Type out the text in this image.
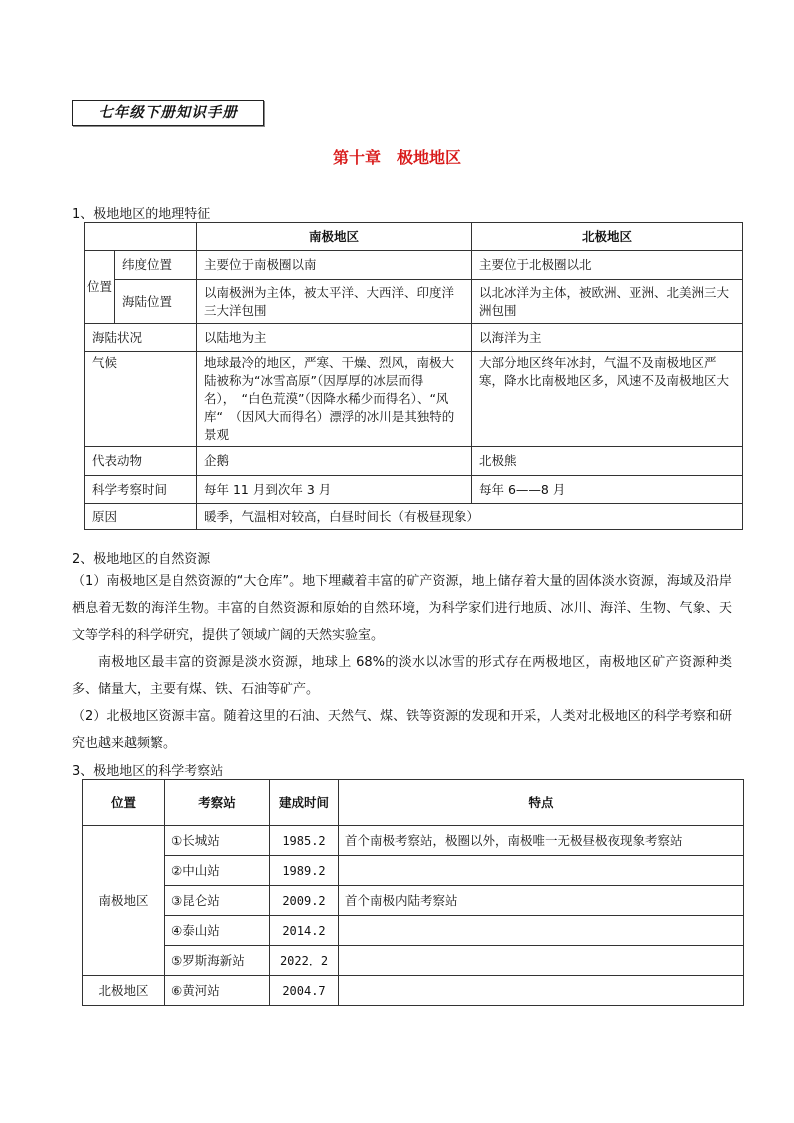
七年级下册知识手册
第十章　极地地区
1、极地地区的地理特征
		南极地区	北极地区
位置	纬度位置	主要位于南极圈以南	主要位于北极圈以北
	海陆位置	以南极洲为主体，被太平洋、大西洋、印度洋三大洋包围	以北冰洋为主体，被欧洲、亚洲、北美洲三大洲包围
海陆状况		以陆地为主	以海洋为主
气候		地球最冷的地区，严寒、干燥、烈风，南极大陆被称为“冰雪高原”（因厚厚的冰层而得名），　“白色荒漠”（因降水稀少而得名）、“风库“　（因风大而得名）漂浮的冰川是其独特的景观	大部分地区终年冰封，气温不及南极地区严寒，降水比南极地区多，风速不及南极地区大
代表动物		企鹅	北极熊
科学考察时间		每年 11 月到次年 3 月	每年 6——8 月
原因		暖季，气温相对较高，白昼时间长（有极昼现象）	
2、极地地区的自然资源
（1）南极地区是自然资源的“大仓库”。地下埋藏着丰富的矿产资源，地上储存着大量的固体淡水资源，海域及沿岸栖息着无数的海洋生物。丰富的自然资源和原始的自然环境，为科学家们进行地质、冰川、海洋、生物、气象、天文等学科的科学研究，提供了领域广阔的天然实验室。
南极地区最丰富的资源是淡水资源，地球上 68%的淡水以冰雪的形式存在两极地区，南极地区矿产资源种类多、储量大，主要有煤、铁、石油等矿产。
（2）北极地区资源丰富。随着这里的石油、天然气、煤、铁等资源的发现和开采，人类对北极地区的科学考察和研究也越来越频繁。
3、极地地区的科学考察站
位置	考察站	建成时间	特点
南极地区	①长城站	1985.2	首个南极考察站，极圈以外，南极唯一无极昼极夜现象考察站
	②中山站	1989.2	
	③昆仑站	2009.2	首个南极内陆考察站
	④泰山站	2014.2	
	⑤罗斯海新站	2022．2	
北极地区	⑥黄河站	2004.7	
